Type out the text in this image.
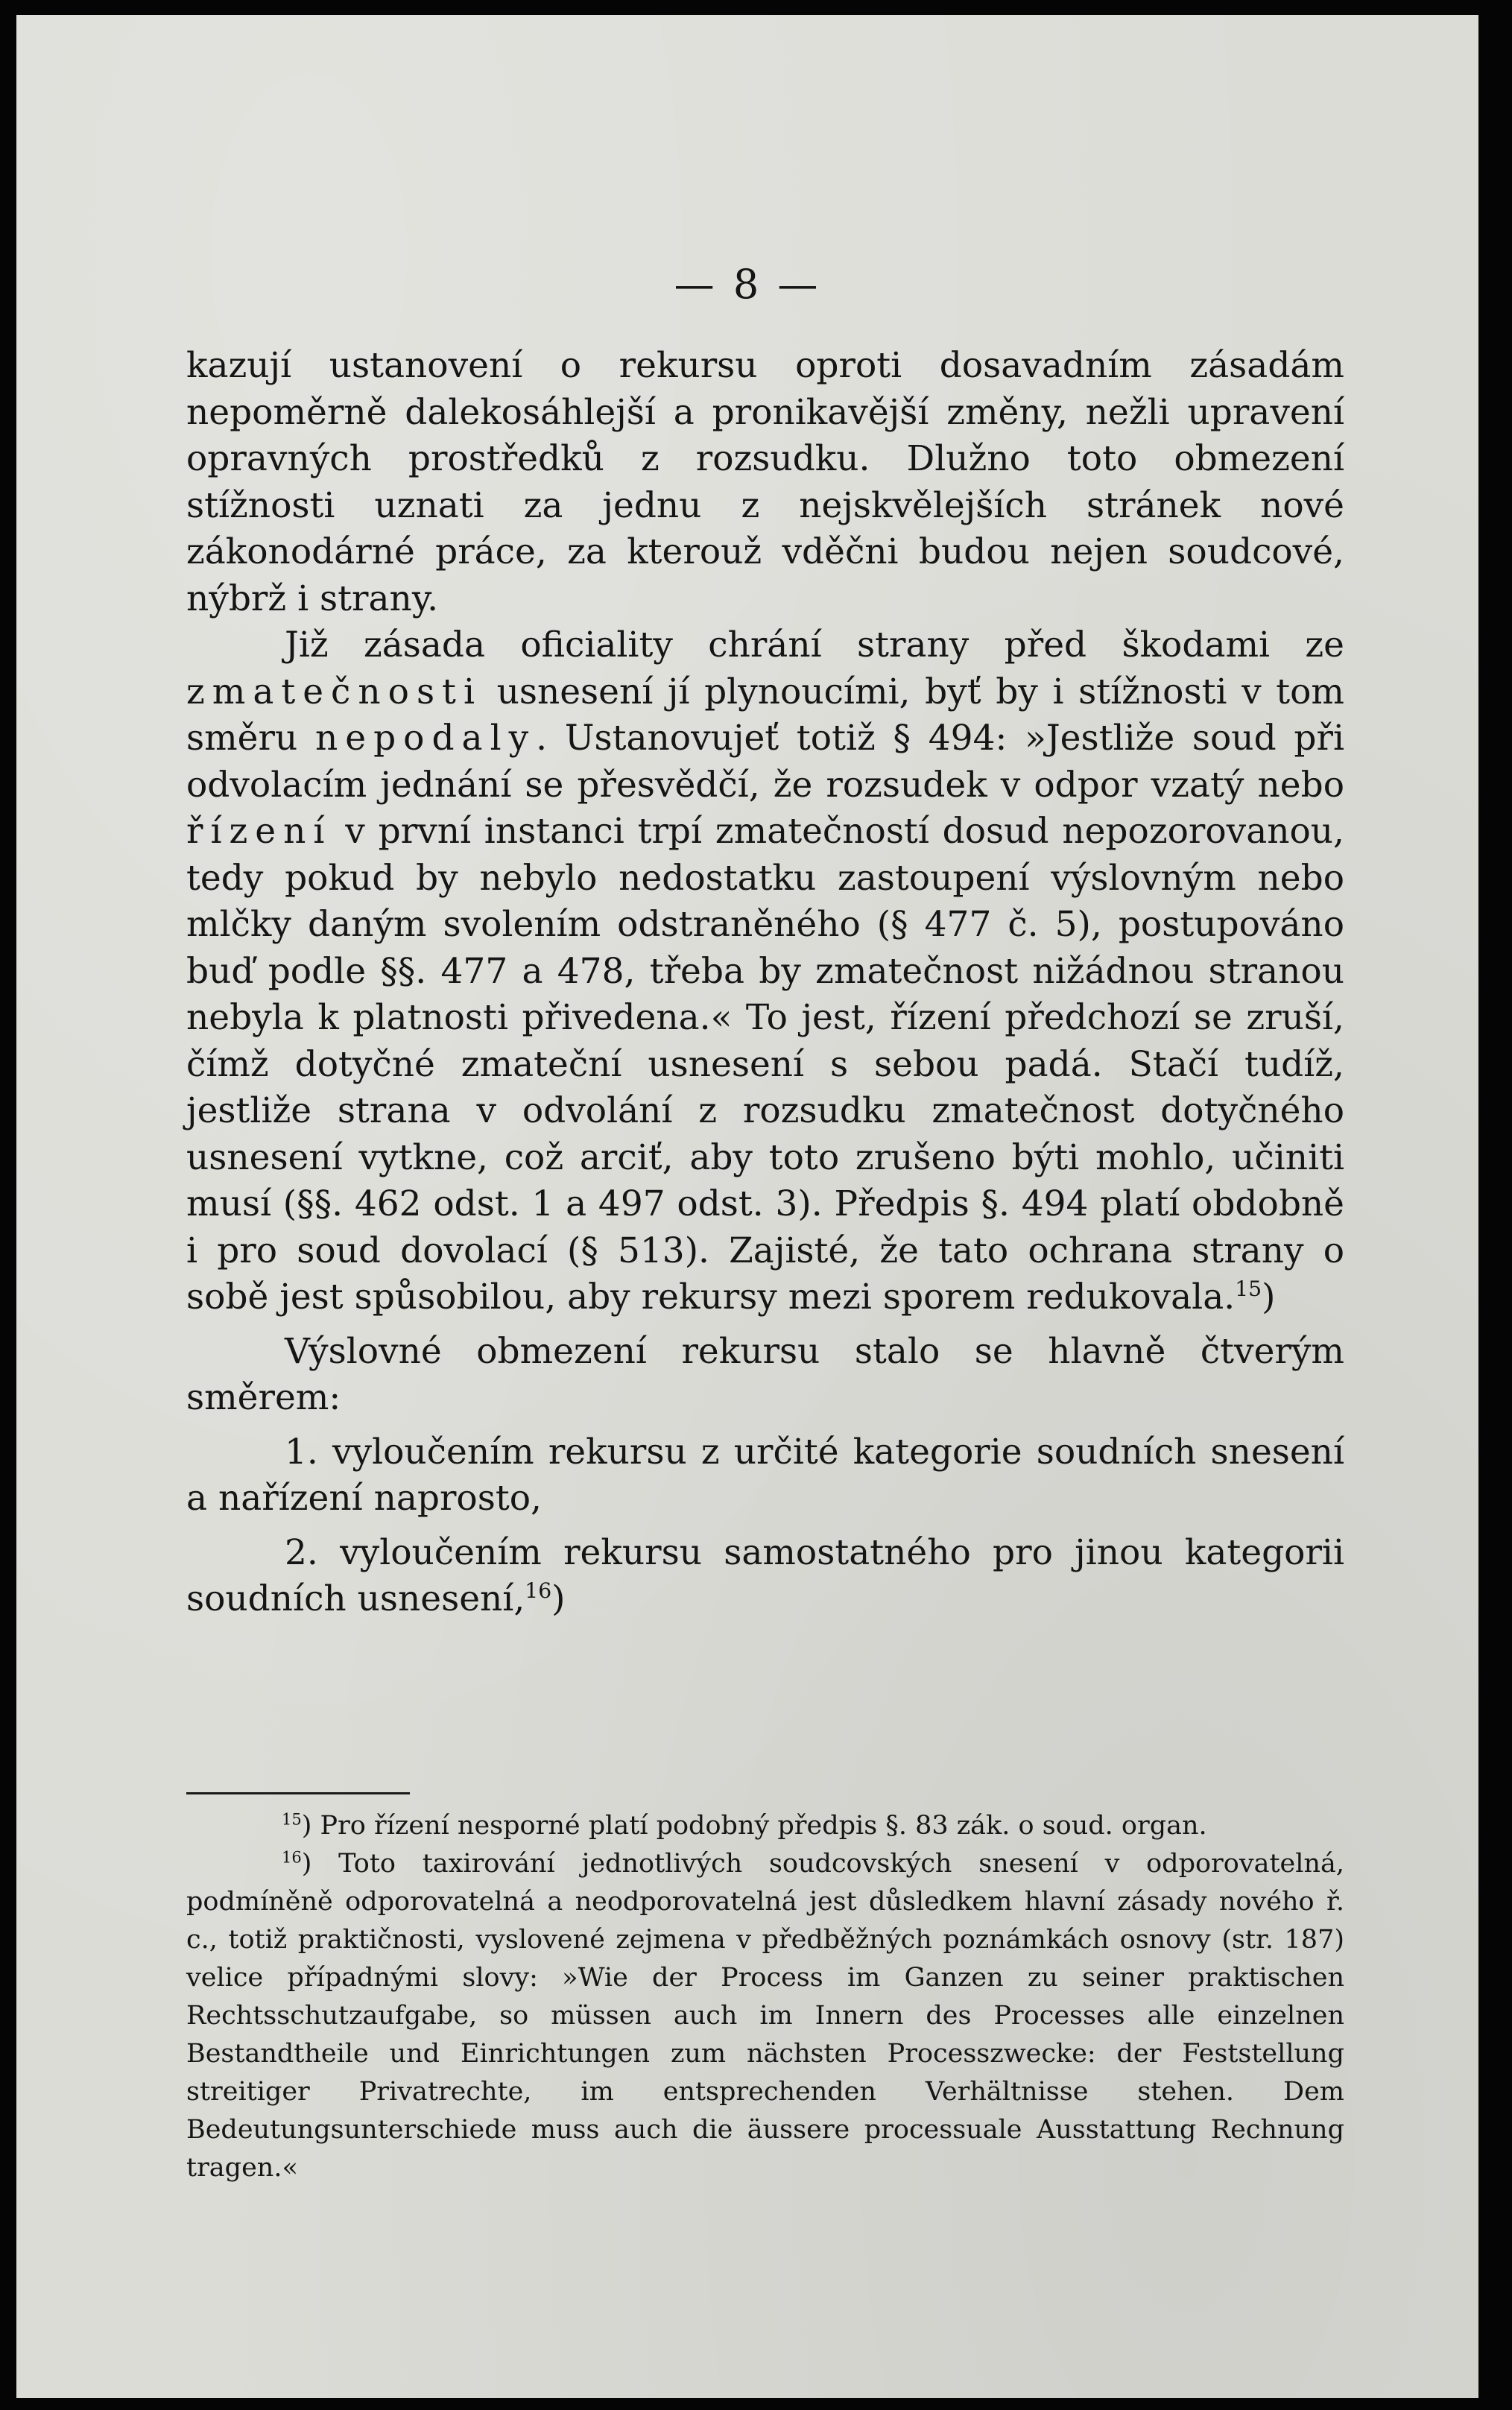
— 8 —

kazují ustanovení o rekursu oproti dosavadním zásadám nepoměrně dalekosáhlejší a pronikavější změny, nežli upravení opravných prostředků z rozsudku. Dlužno toto obmezení stížnosti uznati za jednu z nejskvělejších stránek nové zákonodárné práce, za kterouž vděčni budou nejen soudcové, nýbrž i strany.

Již zásada oficiality chrání strany před škodami ze zmatečnosti usnesení jí plynoucími, byť by i stížnosti v tom směru nepodaly. Ustanovujeť totiž § 494: »Jestliže soud při odvolacím jednání se přesvědčí, že rozsudek v odpor vzatý nebo řízení v první instanci trpí zmatečností dosud nepozorovanou, tedy pokud by nebylo nedostatku zastoupení výslovným nebo mlčky daným svolením odstraněného (§ 477 č. 5), postupováno buď podle §§. 477 a 478, třeba by zmatečnost nižádnou stranou nebyla k platnosti přivedena.« To jest, řízení předchozí se zruší, čímž dotyčné zmateční usnesení s sebou padá. Stačí tudíž, jestliže strana v odvolání z rozsudku zmatečnost dotyčného usnesení vytkne, což arciť, aby toto zrušeno býti mohlo, učiniti musí (§§. 462 odst. 1 a 497 odst. 3). Předpis §. 494 platí obdobně i pro soud dovolací (§ 513). Zajisté, že tato ochrana strany o sobě jest spůsobilou, aby rekursy mezi sporem redukovala.$^{15}$)

Výslovné obmezení rekursu stalo se hlavně čtverým směrem:

1. vyloučením rekursu z určité kategorie soudních snesení a nařízení naprosto,

2. vyloučením rekursu samostatného pro jinou kategorii soudních usnesení,$^{16}$)

$^{15}$) Pro řízení nesporné platí podobný předpis §. 83 zák. o soud. organ.

$^{16}$) Toto taxirování jednotlivých soudcovských snesení v odporovatelná, podmíněně odporovatelná a neodporovatelná jest důsledkem hlavní zásady nového ř. c., totiž praktičnosti, vyslovené zejmena v předběžných poznámkách osnovy (str. 187) velice případnými slovy: »Wie der Process im Ganzen zu seiner praktischen Rechtsschutzaufgabe, so müssen auch im Innern des Processes alle einzelnen Bestandtheile und Einrichtungen zum nächsten Processzwecke: der Feststellung streitiger Privatrechte, im entsprechenden Verhältnisse stehen. Dem Bedeutungsunterschiede muss auch die äussere processuale Ausstattung Rechnung tragen.«
